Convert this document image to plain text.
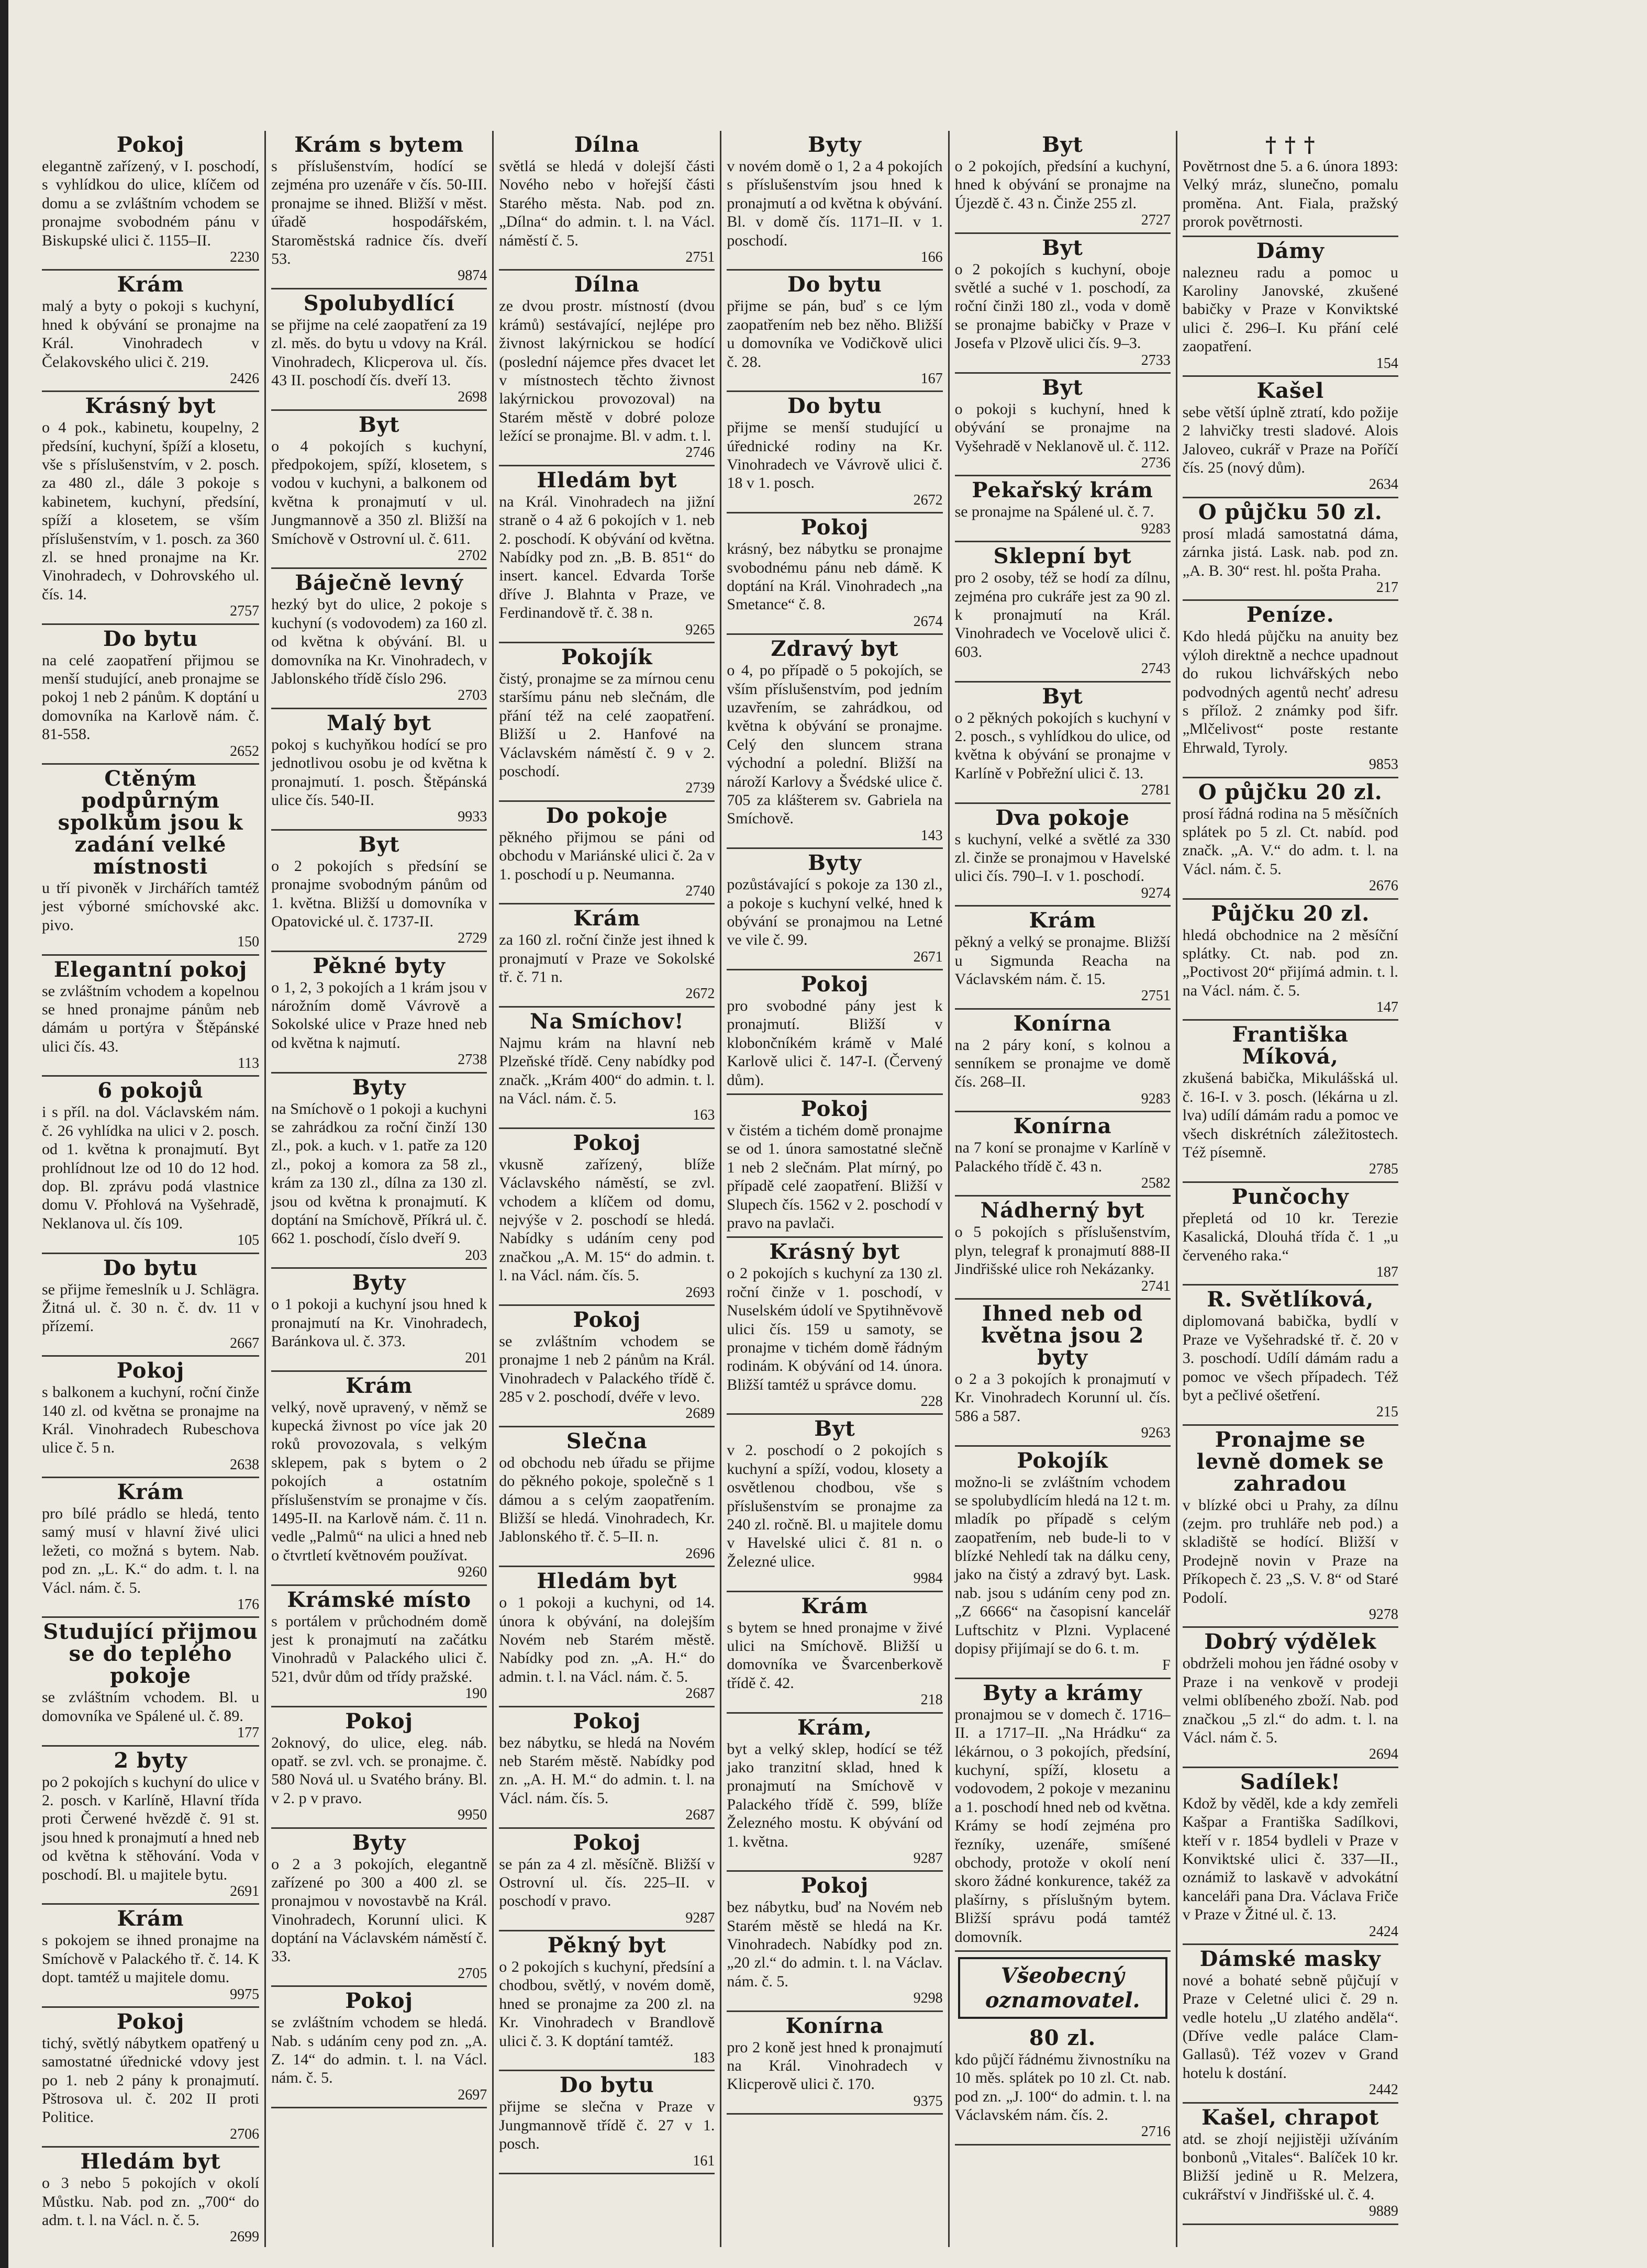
Pokoj

elegantně zařízený, v I. poschodí, s vyhlídkou do ulice, klíčem od domu a se zvláštním vchodem se pronajme svobodném pánu v Biskupské ulici č. 1155–II.

2230
Krám

malý a byty o pokoji s kuchyní, hned k obývání se pronajme na Král. Vinohradech v Čelakovského ulici č. 219.

2426
Krásný byt

o 4 pok., kabinetu, koupelny, 2 předsíní, kuchyní, špíží a klosetu, vše s příslušenstvím, v 2. posch. za 480 zl., dále 3 pokoje s kabinetem, kuchyní, předsíní, spíží a klosetem, se vším příslušenstvím, v 1. posch. za 360 zl. se hned pronajme na Kr. Vinohradech, v Dohrovského ul. čís. 14.

2757
Do bytu

na celé zaopatření přijmou se menší studující, aneb pronajme se pokoj 1 neb 2 pánům. K doptání u domovníka na Karlově nám. č. 81-558.

2652
Ctěným podpůrným spolkům jsou k zadání velké místnosti

u tří pivoněk v Jirchářích tamtéž jest výborné smíchovské akc. pivo.

150
Elegantní pokoj

se zvláštním vchodem a kopelnou se hned pronajme pánům neb dámám u portýra v Štěpánské ulici čís. 43.

113
6 pokojů

i s příl. na dol. Václavském nám. č. 26 vyhlídka na ulici v 2. posch. od 1. května k pronajmutí. Byt prohlídnout lze od 10 do 12 hod. dop. Bl. zprávu podá vlastnice domu V. Přohlová na Vyšehradě, Neklanova ul. čís 109.

105
Do bytu

se přijme řemeslník u J. Schlägra. Žitná ul. č. 30 n. č. dv. 11 v přízemí.

2667
Pokoj

s balkonem a kuchyní, roční činže 140 zl. od května se pronajme na Král. Vinohradech Rubeschova ulice č. 5 n.

2638
Krám

pro bílé prádlo se hledá, tento samý musí v hlavní živé ulici ležeti, co možná s bytem. Nab. pod zn. „L. K.“ do adm. t. l. na Václ. nám. č. 5.

176
Studující přijmou se do teplého pokoje

se zvláštním vchodem. Bl. u domovníka ve Spálené ul. č. 89.

177
2 byty

po 2 pokojích s kuchyní do ulice v 2. posch. v Karlíně, Hlavní třída proti Čerwené hvězdě č. 91 st. jsou hned k pronajmutí a hned neb od května k stěhování. Voda v poschodí. Bl. u majitele bytu.

2691
Krám

s pokojem se ihned pronajme na Smíchově v Palackého tř. č. 14. K dopt. tamtéž u majitele domu.

9975
Pokoj

tichý, světlý nábytkem opatřený u samostatné úřednické vdovy jest po 1. neb 2 pány k pronajmutí. Pštrosova ul. č. 202 II proti Politice.

2706
Hledám byt

o 3 nebo 5 pokojích v okolí Můstku. Nab. pod zn. „700“ do adm. t. l. na Václ. n. č. 5.

2699
Krám s bytem

s příslušenstvím, hodící se zejména pro uzenáře v čís. 50-III. pronajme se ihned. Bližší v měst. úřadě hospodářském, Staroměstská radnice čís. dveří 53.

9874
Spolubydlící

se přijme na celé zaopatření za 19 zl. měs. do bytu u vdovy na Král. Vinohradech, Klicperova ul. čís. 43 II. poschodí čís. dveří 13.

2698
Byt

o 4 pokojích s kuchyní, předpokojem, spíží, klosetem, s vodou v kuchyni, a balkonem od května k pronajmutí v ul. Jungmannově a 350 zl. Bližší na Smíchově v Ostrovní ul. č. 611.

2702
Báječně levný

hezký byt do ulice, 2 pokoje s kuchyní (s vodovodem) za 160 zl. od května k obývání. Bl. u domovníka na Kr. Vinohradech, v Jablonského třídě číslo 296.

2703
Malý byt

pokoj s kuchyňkou hodící se pro jednotlivou osobu je od května k pronajmutí. 1. posch. Štěpánská ulice čís. 540-II.

9933
Byt

o 2 pokojích s předsíní se pronajme svobodným pánům od 1. května. Bližší u domovníka v Opatovické ul. č. 1737-II.

2729
Pěkné byty

o 1, 2, 3 pokojích a 1 krám jsou v nárožním domě Vávrově a Sokolské ulice v Praze hned neb od května k najmutí.

2738
Byty

na Smíchově o 1 pokoji a kuchyni se zahrádkou za roční činží 130 zl., pok. a kuch. v 1. patře za 120 zl., pokoj a komora za 58 zl., krám za 130 zl., dílna za 130 zl. jsou od května k pronajmutí. K doptání na Smíchově, Příkrá ul. č. 662 1. poschodí, číslo dveří 9.

203
Byty

o 1 pokoji a kuchyní jsou hned k pronajmutí na Kr. Vinohradech, Baránkova ul. č. 373.

201
Krám

velký, nově upravený, v němž se kupecká živnost po více jak 20 roků provozovala, s velkým sklepem, pak s bytem o 2 pokojích a ostatním příslušenstvím se pronajme v čís. 1495-II. na Karlově nám. č. 11 n. vedle „Palmů“ na ulici a hned neb o čtvrtletí květnovém používat.

9260
Krámské místo

s portálem v průchodném domě jest k pronajmutí na začátku Vinohradů v Palackého ulici č. 521, dvůr dům od třídy pražské.

190
Pokoj

2oknový, do ulice, eleg. náb. opatř. se zvl. vch. se pronajme. č. 580 Nová ul. u Svatého brány. Bl. v 2. p v pravo.

9950
Byty

o 2 a 3 pokojích, elegantně zařízené po 300 a 400 zl. se pronajmou v novostavbě na Král. Vinohradech, Korunní ulici. K doptání na Václavském náměstí č. 33.

2705
Pokoj

se zvláštním vchodem se hledá. Nab. s udáním ceny pod zn. „A. Z. 14“ do admin. t. l. na Václ. nám. č. 5.

2697
Dílna

světlá se hledá v dolejší části Nového nebo v hořejší části Starého města. Nab. pod zn. „Dílna“ do admin. t. l. na Václ. náměstí č. 5.

2751
Dílna

ze dvou prostr. místností (dvou krámů) sestávající, nejlépe pro živnost lakýrnickou se hodící (poslední nájemce přes dvacet let v místnostech těchto živnost lakýrnickou provozoval) na Starém městě v dobré poloze ležící se pronajme. Bl. v adm. t. l.

2746
Hledám byt

na Král. Vinohradech na jižní straně o 4 až 6 pokojích v 1. neb 2. poschodí. K obývání od května. Nabídky pod zn. „B. B. 851“ do insert. kancel. Edvarda Torše dříve J. Blahnta v Praze, ve Ferdinandově tř. č. 38 n.

9265
Pokojík

čistý, pronajme se za mírnou cenu staršímu pánu neb slečnám, dle přání též na celé zaopatření. Bližší u 2. Hanfové na Václavském náměstí č. 9 v 2. poschodí.

2739
Do pokoje

pěkného přijmou se páni od obchodu v Mariánské ulici č. 2a v 1. poschodí u p. Neumanna.

2740
Krám

za 160 zl. roční činže jest ihned k pronajmutí v Praze ve Sokolské tř. č. 71 n.

2672
Na Smíchov!

Najmu krám na hlavní neb Plzeňské třídě. Ceny nabídky pod značk. „Krám 400“ do admin. t. l. na Václ. nám. č. 5.

163
Pokoj

vkusně zařízený, blíže Václavského náměstí, se zvl. vchodem a klíčem od domu, nejvýše v 2. poschodí se hledá. Nabídky s udáním ceny pod značkou „A. M. 15“ do admin. t. l. na Václ. nám. čís. 5.

2693
Pokoj

se zvláštním vchodem se pronajme 1 neb 2 pánům na Král. Vinohradech v Palackého třídě č. 285 v 2. poschodí, dvéře v levo.

2689
Slečna

od obchodu neb úřadu se přijme do pěkného pokoje, společně s 1 dámou a s celým zaopatřením. Bližší se hledá. Vinohradech, Kr. Jablonského tř. č. 5–II. n.

2696
Hledám byt

o 1 pokoji a kuchyni, od 14. února k obývání, na dolejším Novém neb Starém městě. Nabídky pod zn. „A. H.“ do admin. t. l. na Václ. nám. č. 5.

2687
Pokoj

bez nábytku, se hledá na Novém neb Starém městě. Nabídky pod zn. „A. H. M.“ do admin. t. l. na Václ. nám. čís. 5.

2687
Pokoj

se pán za 4 zl. měsíčně. Bližší v Ostrovní ul. čís. 225–II. v poschodí v pravo.

9287
Pěkný byt

o 2 pokojích s kuchyní, předsíní a chodbou, světlý, v novém domě, hned se pronajme za 200 zl. na Kr. Vinohradech v Brandlově ulici č. 3. K doptání tamtéž.

183
Do bytu

přijme se slečna v Praze v Jungmannově třídě č. 27 v 1. posch.

161
Byty

v novém domě o 1, 2 a 4 pokojích s příslušenstvím jsou hned k pronajmutí a od května k obývání. Bl. v domě čís. 1171–II. v 1. poschodí.

166
Do bytu

přijme se pán, buď s ce lým zaopatřením neb bez něho. Bližší u domovníka ve Vodičkově ulici č. 28.

167
Do bytu

přijme se menší studující u úřednické rodiny na Kr. Vinohradech ve Vávrově ulici č. 18 v 1. posch.

2672
Pokoj

krásný, bez nábytku se pronajme svobodnému pánu neb dámě. K doptání na Král. Vinohradech „na Smetance“ č. 8.

2674
Zdravý byt

o 4, po případě o 5 pokojích, se vším příslušenstvím, pod jedním uzavřením, se zahrádkou, od května k obývání se pronajme. Celý den sluncem strana východní a polední. Bližší na nároží Karlovy a Švédské ulice č. 705 za klášterem sv. Gabriela na Smíchově.

143
Byty

pozůstávající s pokoje za 130 zl., a pokoje s kuchyní velké, hned k obývání se pronajmou na Letné ve vile č. 99.

2671
Pokoj

pro svobodné pány jest k pronajmutí. Bližší v klobončníkém krámě v Malé Karlově ulici č. 147-I. (Červený dům).

Pokoj

v čistém a tichém domě pronajme se od 1. února samostatné slečně 1 neb 2 slečnám. Plat mírný, po případě celé zaopatření. Bližší v Slupech čís. 1562 v 2. poschodí v pravo na pavlači.

Krásný byt

o 2 pokojích s kuchyní za 130 zl. roční činže v 1. poschodí, v Nuselském údolí ve Spytihněvově ulici čís. 159 u samoty, se pronajme v tichém domě řádným rodinám. K obývání od 14. února. Bližší tamtéž u správce domu.

228
Byt

v 2. poschodí o 2 pokojích s kuchyní a spíží, vodou, klosety a osvětlenou chodbou, vše s příslušenstvím se pronajme za 240 zl. ročně. Bl. u majitele domu v Havelské ulici č. 81 n. o Železné ulice.

9984
Krám

s bytem se hned pronajme v živé ulici na Smíchově. Bližší u domovníka ve Švarcenberkově třídě č. 42.

218
Krám,

byt a velký sklep, hodící se též jako tranzitní sklad, hned k pronajmutí na Smíchově v Palackého třídě č. 599, blíže Železného mostu. K obývání od 1. května.

9287
Pokoj

bez nábytku, buď na Novém neb Starém městě se hledá na Kr. Vinohradech. Nabídky pod zn. „20 zl.“ do admin. t. l. na Václav. nám. č. 5.

9298
Konírna

pro 2 koně jest hned k pronajmutí na Král. Vinohradech v Klicperově ulici č. 170.

9375
Byt

o 2 pokojích, předsíní a kuchyní, hned k obývání se pronajme na Újezdě č. 43 n. Činže 255 zl.

2727
Byt

o 2 pokojích s kuchyní, oboje světlé a suché v 1. poschodí, za roční činži 180 zl., voda v domě se pronajme babičky v Praze v Josefa v Plzově ulici čís. 9–3.

2733
Byt

o pokoji s kuchyní, hned k obývání se pronajme na Vyšehradě v Neklanově ul. č. 112.

2736
Pekařský krám

se pronajme na Spálené ul. č. 7.

9283
Sklepní byt

pro 2 osoby, též se hodí za dílnu, zejména pro cukráře jest za 90 zl. k pronajmutí na Král. Vinohradech ve Vocelově ulici č. 603.

2743
Byt

o 2 pěkných pokojích s kuchyní v 2. posch., s vyhlídkou do ulice, od května k obývání se pronajme v Karlíně v Pobřežní ulici č. 13.

2781
Dva pokoje

s kuchyní, velké a světlé za 330 zl. činže se pronajmou v Havelské ulici čís. 790–I. v 1. poschodí.

9274
Krám

pěkný a velký se pronajme. Bližší u Sigmunda Reacha na Václavském nám. č. 15.

2751
Konírna

na 2 páry koní, s kolnou a senníkem se pronajme ve domě čís. 268–II.

9283
Konírna

na 7 koní se pronajme v Karlíně v Palackého třídě č. 43 n.

2582
Nádherný byt

o 5 pokojích s příslušenstvím, plyn, telegraf k pronajmutí 888-II Jindřišské ulice roh Nekázanky.

2741
Ihned neb od května jsou 2 byty

o 2 a 3 pokojích k pronajmutí v Kr. Vinohradech Korunní ul. čís. 586 a 587.

9263
Pokojík

možno-li se zvláštním vchodem se spolubydlícím hledá na 12 t. m. mladík po případě s celým zaopatřením, neb bude-li to v blízké Nehledí tak na dálku ceny, jako na čistý a zdravý byt. Lask. nab. jsou s udáním ceny pod zn. „Z 6666“ na časopisní kancelář Luftschitz v Plzni. Vyplacené dopisy přijímají se do 6. t. m.

F
Byty a krámy

pronajmou se v domech č. 1716–II. a 1717–II. „Na Hrádku“ za lékárnou, o 3 pokojích, předsíní, kuchyní, spíží, klosetu a vodovodem, 2 pokoje v mezaninu a 1. poschodí hned neb od května. Krámy se hodí zejména pro řezníky, uzenáře, smíšené obchody, protože v okolí není skoro žádné konkurence, takéž za plašírny, s příslušným bytem. Bližší správu podá tamtéž domovník.

Všeobecný oznamovatel.
80 zl.

kdo půjčí řádnému živnostníku na 10 měs. splátek po 10 zl. Ct. nab. pod zn. „J. 100“ do admin. t. l. na Václavském nám. čís. 2.

2716
† † †

Povětrnost dne 5. a 6. února 1893: Velký mráz, slunečno, pomalu proměna. Ant. Fiala, pražský prorok povětrnosti.

Dámy

nalezneu radu a pomoc u Karoliny Janovské, zkušené babičky v Praze v Konviktské ulici č. 296–I. Ku přání celé zaopatření.

154
Kašel

sebe větší úplně ztratí, kdo požije 2 lahvičky tresti sladové. Alois Jaloveo, cukrář v Praze na Poříčí čís. 25 (nový dům).

2634
O půjčku 50 zl.

prosí mladá samostatná dáma, zárnka jistá. Lask. nab. pod zn. „A. B. 30“ rest. hl. pošta Praha.

217
Peníze.

Kdo hledá půjčku na anuity bez výloh direktně a nechce upadnout do rukou lichvářských nebo podvodných agentů nechť adresu s přílož. 2 známky pod šifr. „Mlčelivost“ poste restante Ehrwald, Tyroly.

9853
O půjčku 20 zl.

prosí řádná rodina na 5 měsíčních splátek po 5 zl. Ct. nabíd. pod značk. „A. V.“ do adm. t. l. na Václ. nám. č. 5.

2676
Půjčku 20 zl.

hledá obchodnice na 2 měsíční splátky. Ct. nab. pod zn. „Poctivost 20“ přijímá admin. t. l. na Václ. nám. č. 5.

147
Františka Míková,

zkušená babička, Mikulášská ul. č. 16-I. v 3. posch. (lékárna u zl. lva) udílí dámám radu a pomoc ve všech diskrétních záležitostech. Též písemně.

2785
Punčochy

přepletá od 10 kr. Terezie Kasalická, Dlouhá třída č. 1 „u červeného raka.“

187
R. Světlíková,

diplomovaná babička, bydlí v Praze ve Vyšehradské tř. č. 20 v 3. poschodí. Udílí dámám radu a pomoc ve všech případech. Též byt a pečlivé ošetření.

215
Pronajme se levně domek se zahradou

v blízké obci u Prahy, za dílnu (zejm. pro truhláře neb pod.) a skladiště se hodící. Bližší v Prodejně novin v Praze na Příkopech č. 23 „S. V. 8“ od Staré Podolí.

9278
Dobrý výdělek

obdrželi mohou jen řádné osoby v Praze i na venkově v prodeji velmi oblíbeného zboží. Nab. pod značkou „5 zl.“ do adm. t. l. na Václ. nám č. 5.

2694
Sadílek!

Kdož by věděl, kde a kdy zemřeli Kašpar a Františka Sadílkovi, kteří v r. 1854 bydleli v Praze v Konviktské ulici č. 337—II., oznámiž to laskavě v advokátní kanceláři pana Dra. Václava Friče v Praze v Žitné ul. č. 13.

2424
Dámské masky

nové a bohaté sebně půjčují v Praze v Celetné ulici č. 29 n. vedle hotelu „U zlatého anděla“. (Dříve vedle paláce Clam-Gallasů). Též vozev v Grand hotelu k dostání.

2442
Kašel, chrapot

atd. se zhojí nejjistěji užíváním bonbonů „Vitales“. Balíček 10 kr. Bližší jedině u R. Melzera, cukrářství v Jindřišské ul. č. 4.

9889
